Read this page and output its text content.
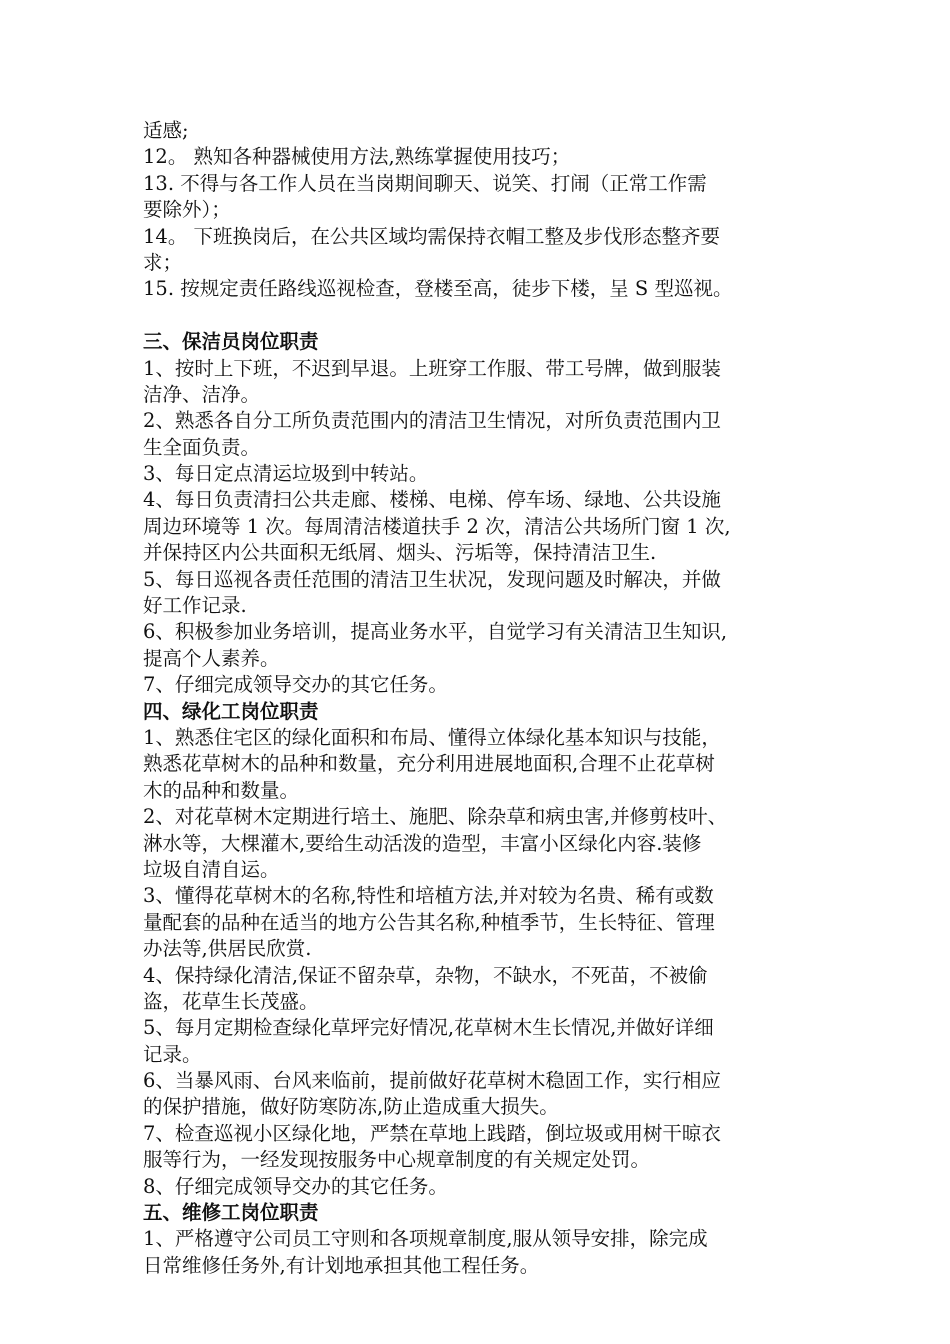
适感;
12。 熟知各种器械使用方法,熟练掌握使用技巧；
13. 不得与各工作人员在当岗期间聊天、说笑、打闹（正常工作需
要除外）；
14。 下班换岗后，在公共区域均需保持衣帽工整及步伐形态整齐要
求；
15. 按规定责任路线巡视检查，登楼至高，徒步下楼，呈 S 型巡视。
三、保洁员岗位职责
1、按时上下班，不迟到早退。上班穿工作服、带工号牌，做到服装
洁净、洁净。
2、熟悉各自分工所负责范围内的清洁卫生情况，对所负责范围内卫
生全面负责。
3、每日定点清运垃圾到中转站。
4、每日负责清扫公共走廊、楼梯、电梯、停车场、绿地、公共设施
周边环境等 1 次。每周清洁楼道扶手 2 次，清洁公共场所门窗 1 次,
并保持区内公共面积无纸屑、烟头、污垢等，保持清洁卫生.
5、每日巡视各责任范围的清洁卫生状况，发现问题及时解决，并做
好工作记录.
6、积极参加业务培训，提高业务水平，自觉学习有关清洁卫生知识,
提高个人素养。
7、仔细完成领导交办的其它任务。
四、绿化工岗位职责
1、熟悉住宅区的绿化面积和布局、懂得立体绿化基本知识与技能，
熟悉花草树木的品种和数量，充分利用进展地面积,合理不止花草树
木的品种和数量。
2、对花草树木定期进行培土、施肥、除杂草和病虫害,并修剪枝叶、
淋水等，大棵灌木,要给生动活泼的造型，丰富小区绿化内容.装修
垃圾自清自运。
3、懂得花草树木的名称,特性和培植方法,并对较为名贵、稀有或数
量配套的品种在适当的地方公告其名称,种植季节，生长特征、管理
办法等,供居民欣赏.
4、保持绿化清洁,保证不留杂草，杂物，不缺水，不死苗，不被偷
盗，花草生长茂盛。
5、每月定期检查绿化草坪完好情况,花草树木生长情况,并做好详细
记录。
6、当暴风雨、台风来临前，提前做好花草树木稳固工作，实行相应
的保护措施，做好防寒防冻,防止造成重大损失。
7、检查巡视小区绿化地，严禁在草地上践踏，倒垃圾或用树干晾衣
服等行为，一经发现按服务中心规章制度的有关规定处罚。
8、仔细完成领导交办的其它任务。
五、维修工岗位职责
1、严格遵守公司员工守则和各项规章制度,服从领导安排，除完成
日常维修任务外,有计划地承担其他工程任务。
